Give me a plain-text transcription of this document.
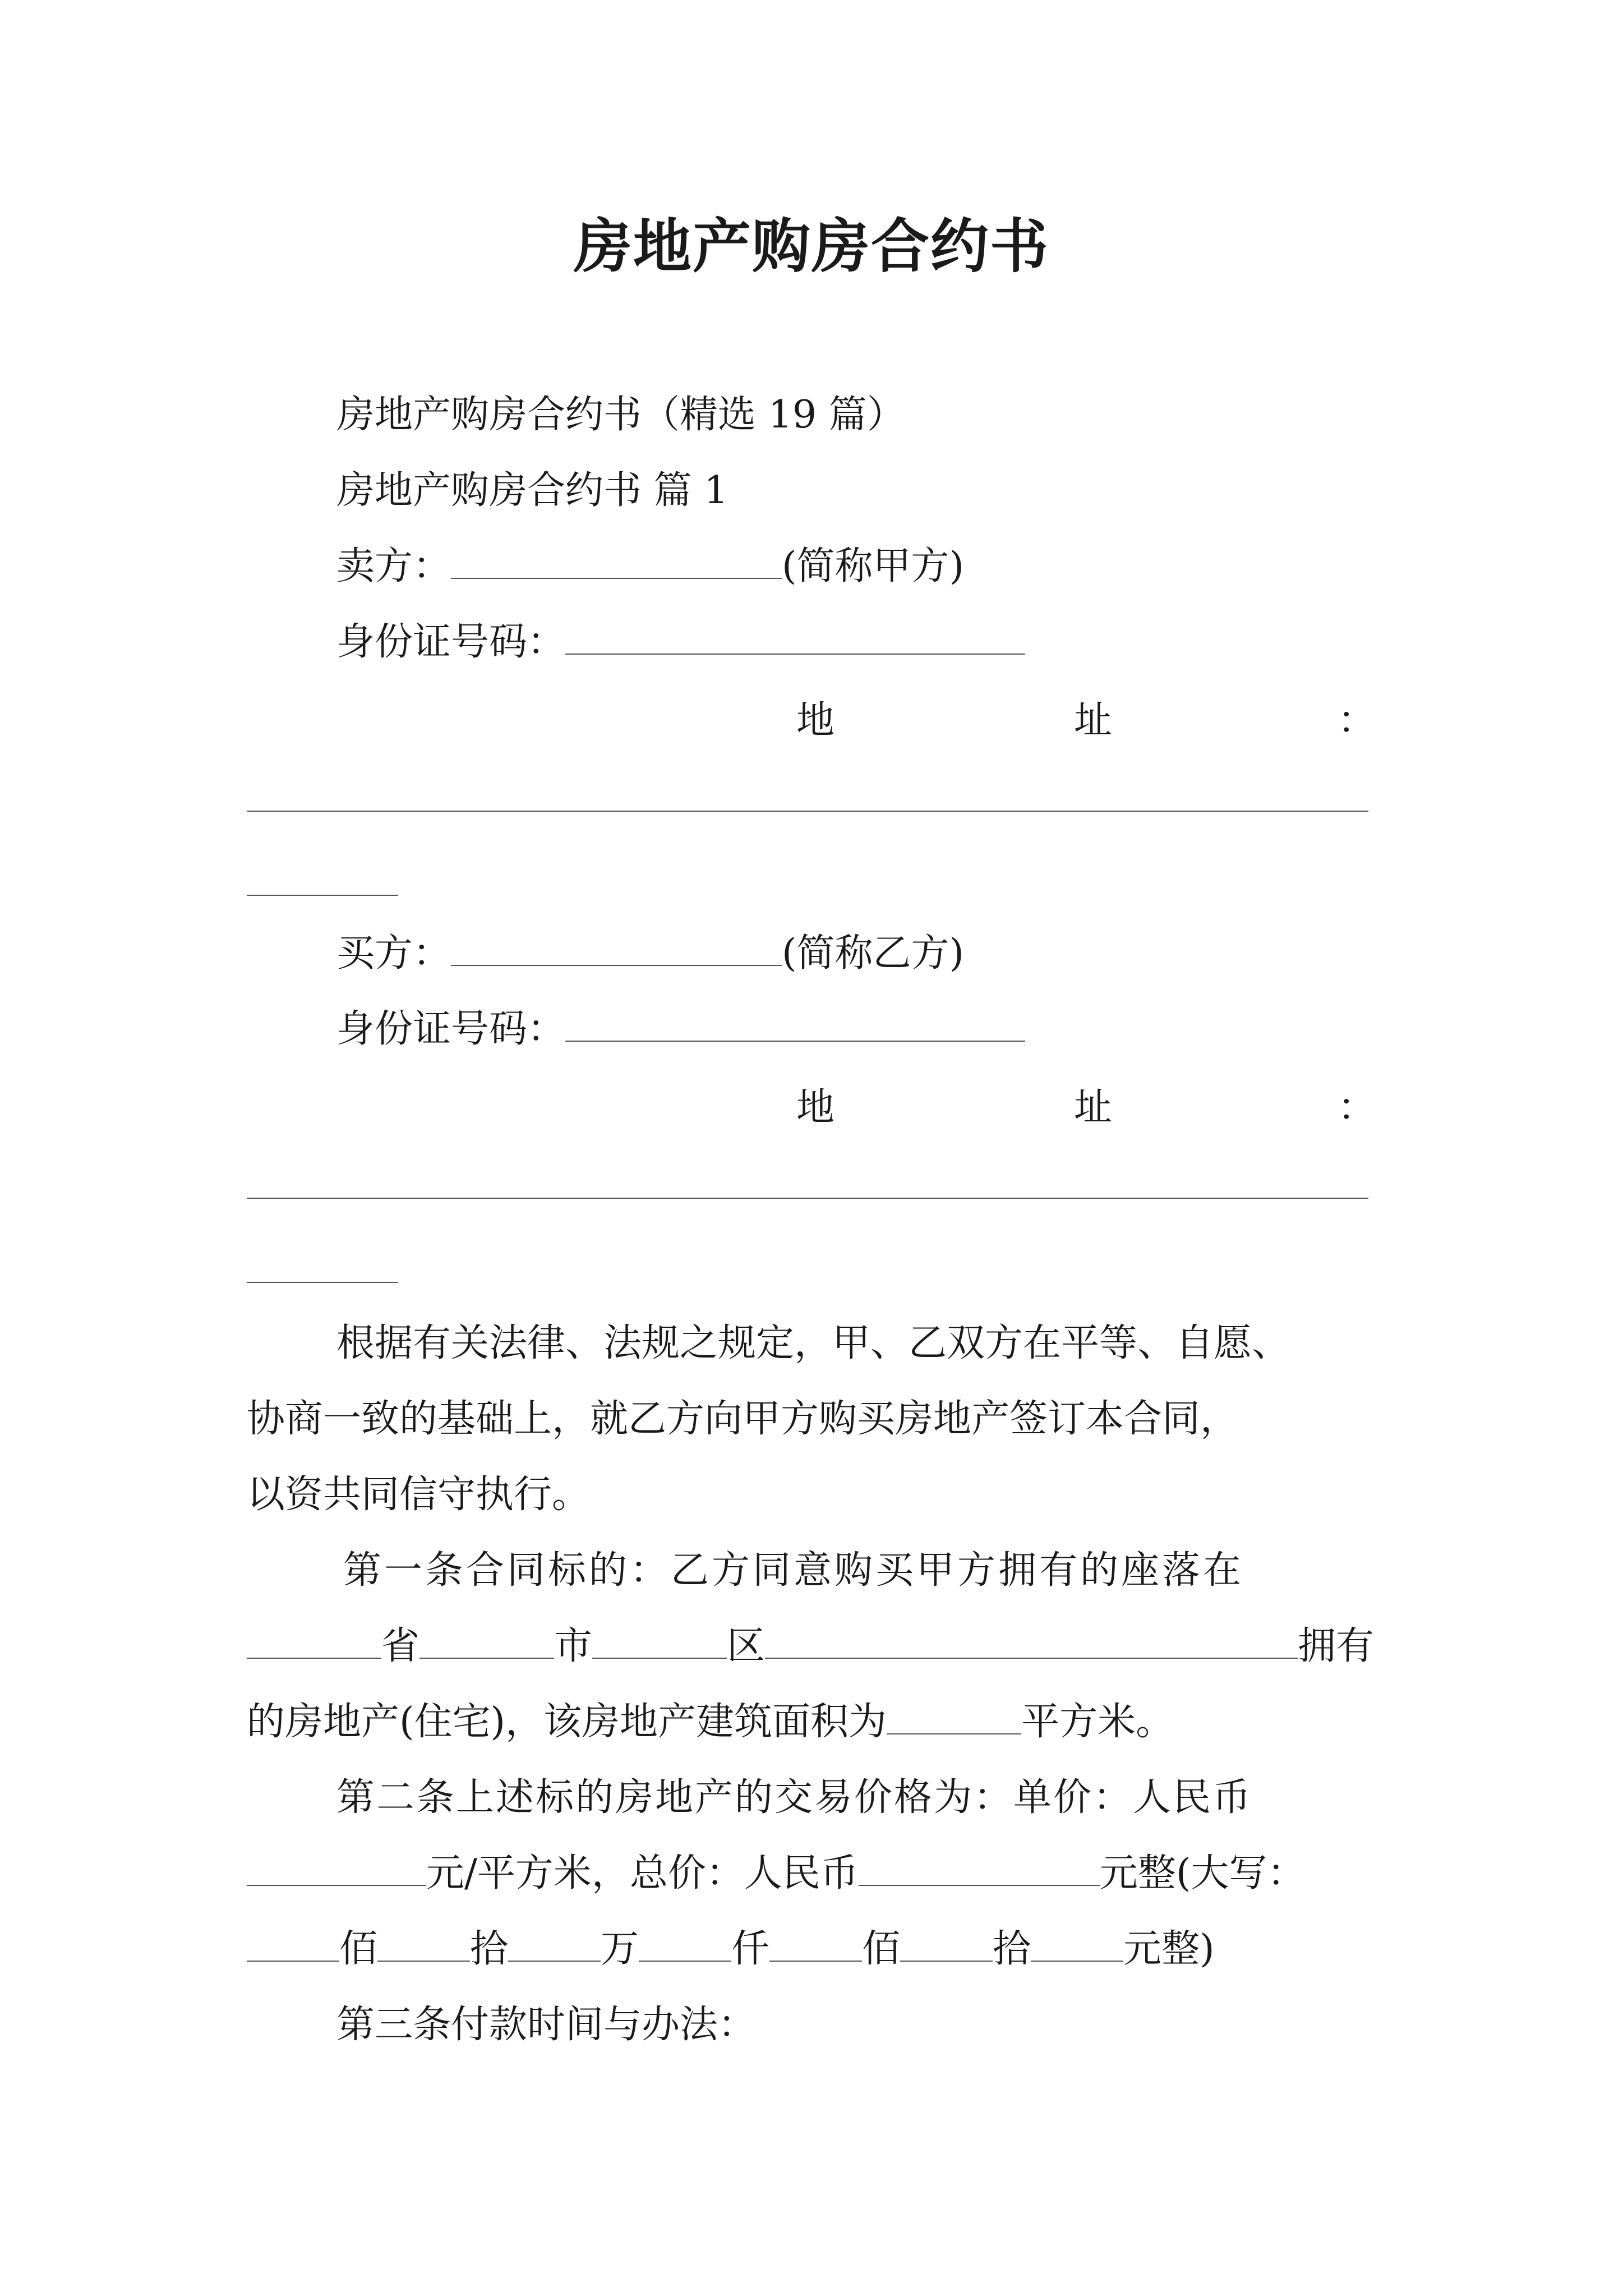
房地产购房合约书
房地产购房合约书（精选 19 篇）
房地产购房合约书 篇 1
卖方：	(简称甲方)
身份证号码：
地	址	：
买方：	(简称乙方)
身份证号码：
地	址	：
根据有关法律、法规之规定，甲、乙双方在平等、自愿、
协商一致的基础上，就乙方向甲方购买房地产签订本合同，
以资共同信守执行。
第一条合同标的：乙方同意购买甲方拥有的座落在
省	市	区	拥有
的房地产(住宅)，该房地产建筑面积为	平方米。
第二条上述标的房地产的交易价格为：单价：人民币
元/平方米，总价：人民币	元整(大写：
佰 拾 万 仟 佰 拾 元整)
第三条付款时间与办法：
